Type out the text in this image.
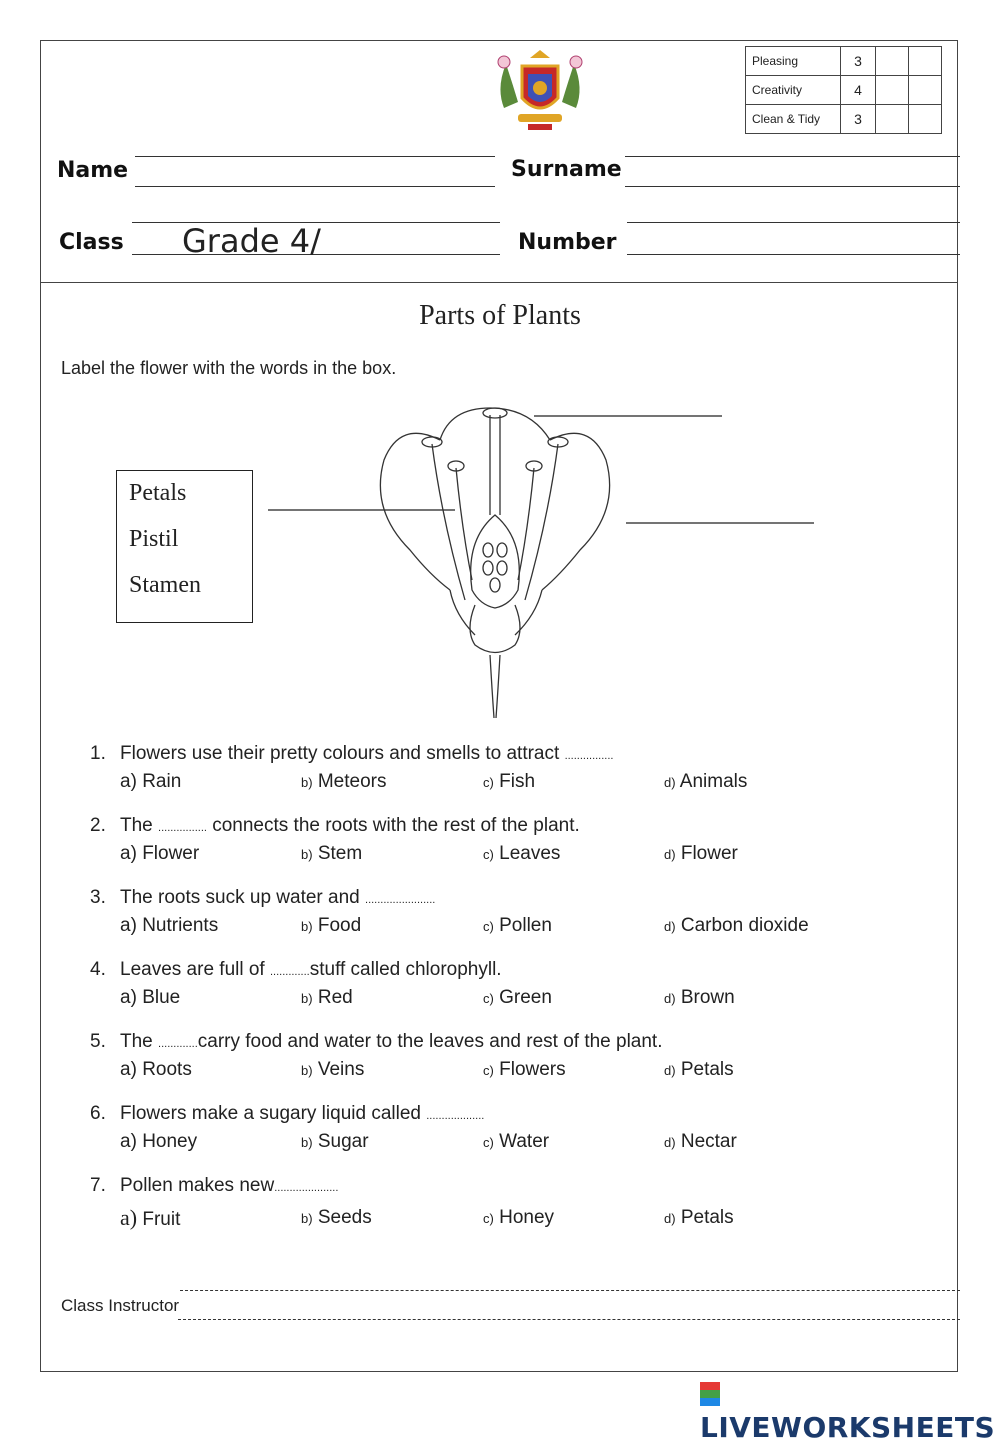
Pleasing	3		
Creativity	4		
Clean & Tidy	3		
Name	Surname
Class Grade 4/	Number
Parts of Plants
Label the flower with the words in the box.
Petals
Pistil
Stamen
1. Flowers use their pretty colours and smells to attract ................
a) Rain	b) Meteors	c) Fish	d) Animals
2. The ................ connects the roots with the rest of the plant.
a) Flower	b) Stem	c) Leaves	d) Flower
3. The roots suck up water and .......................
a) Nutrients	b) Food	c) Pollen	d) Carbon dioxide
4. Leaves are full of .............stuff called chlorophyll.
a) Blue	b) Red	c) Green	d) Brown
5. The .............carry food and water to the leaves and rest of the plant.
a) Roots	b) Veins	c) Flowers	d) Petals
6. Flowers make a sugary liquid called ...................
a) Honey	b) Sugar	c) Water	d) Nectar
7. Pollen makes new.....................
a) Fruit	b) Seeds	c) Honey	d) Petals
Class Instructor
LIVEWORKSHEETS
